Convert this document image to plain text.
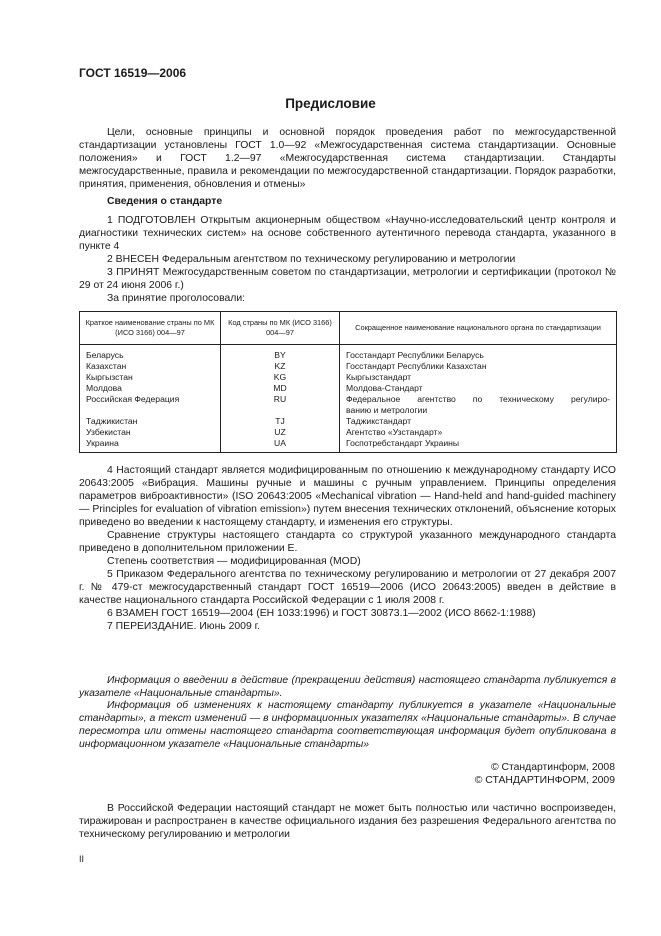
ГОСТ 16519—2006
Предисловие

Цели, основные принципы и основной порядок проведения работ по межгосударственной стандартизации установлены ГОСТ 1.0—92 «Межгосударственная система стандартизации. Основные положения» и ГОСТ 1.2—97 «Межгосударственная система стандартизации. Стандарты межгосударственные, правила и рекомендации по межгосударственной стандартизации. Порядок разработки, принятия, применения, обновления и отмены»

Сведения о стандарте

1 ПОДГОТОВЛЕН Открытым акционерным обществом «Научно-исследовательский центр контроля и диагностики технических систем» на основе собственного аутентичного перевода стандарта, указанного в пункте 4

2 ВНЕСЕН Федеральным агентством по техническому регулированию и метрологии

3 ПРИНЯТ Межгосударственным советом по стандартизации, метрологии и сертификации (протокол № 29 от 24 июня 2006 г.)

За принятие проголосовали:
Краткое наименование страны по МК (ИСО 3166) 004—97
Код страны по МК (ИСО 3166) 004—97
Сокращенное наименование национального органа по стандартизации
Беларусь
Казахстан
Кыргызстан
Молдова
Российская Федерация
Таджикистан
Узбекистан
Украина
BY
KZ
KG
MD
RU
TJ
UZ
UA
Госстандарт Республики Беларусь
Госстандарт Республики Казахстан
Кыргызстандарт
Молдова-Стандарт
Федеральное агентство по техническому регулиро-
ванию и метрологии
Таджикстандарт
Агентство «Узстандарт»
Госпотребстандарт Украины

4 Настоящий стандарт является модифицированным по отношению к международному стандарту ИСО 20643:2005 «Вибрация. Машины ручные и машины с ручным управлением. Принципы определения параметров виброактивности» (ISO 20643:2005 «Mechanical vibration — Hand-held and hand-guided machinery — Principles for evaluation of vibration emission») путем внесения технических отклонений, объяснение которых приведено во введении к настоящему стандарту, и изменения его структуры.

Сравнение структуры настоящего стандарта со структурой указанного международного стандарта приведено в дополнительном приложении Е.

Степень соответствия — модифицированная (MOD)

5 Приказом Федерального агентства по техническому регулированию и метрологии от 27 декабря 2007 г. № 479-ст межгосударственный стандарт ГОСТ 16519—2006 (ИСО 20643:2005) введен в действие в качестве национального стандарта Российской Федерации с 1 июля 2008 г.

6 ВЗАМЕН ГОСТ 16519—2004 (ЕН 1033:1996) и ГОСТ 30873.1—2002 (ИСО 8662-1:1988)

7 ПЕРЕИЗДАНИЕ. Июнь 2009 г.

Информация о введении в действие (прекращении действия) настоящего стандарта публикуется в указателе «Национальные стандарты».

Информация об изменениях к настоящему стандарту публикуется в указателе «Национальные стандарты», а текст изменений — в информационных указателях «Национальные стандарты». В случае пересмотра или отмены настоящего стандарта соответствующая информация будет опубликована в информационном указателе «Национальные стандарты»

© Стандартинформ, 2008
© СТАНДАРТИНФОРМ, 2009

В Российской Федерации настоящий стандарт не может быть полностью или частично воспроизведен, тиражирован и распространен в качестве официального издания без разрешения Федерального агентства по техническому регулированию и метрологии

II
